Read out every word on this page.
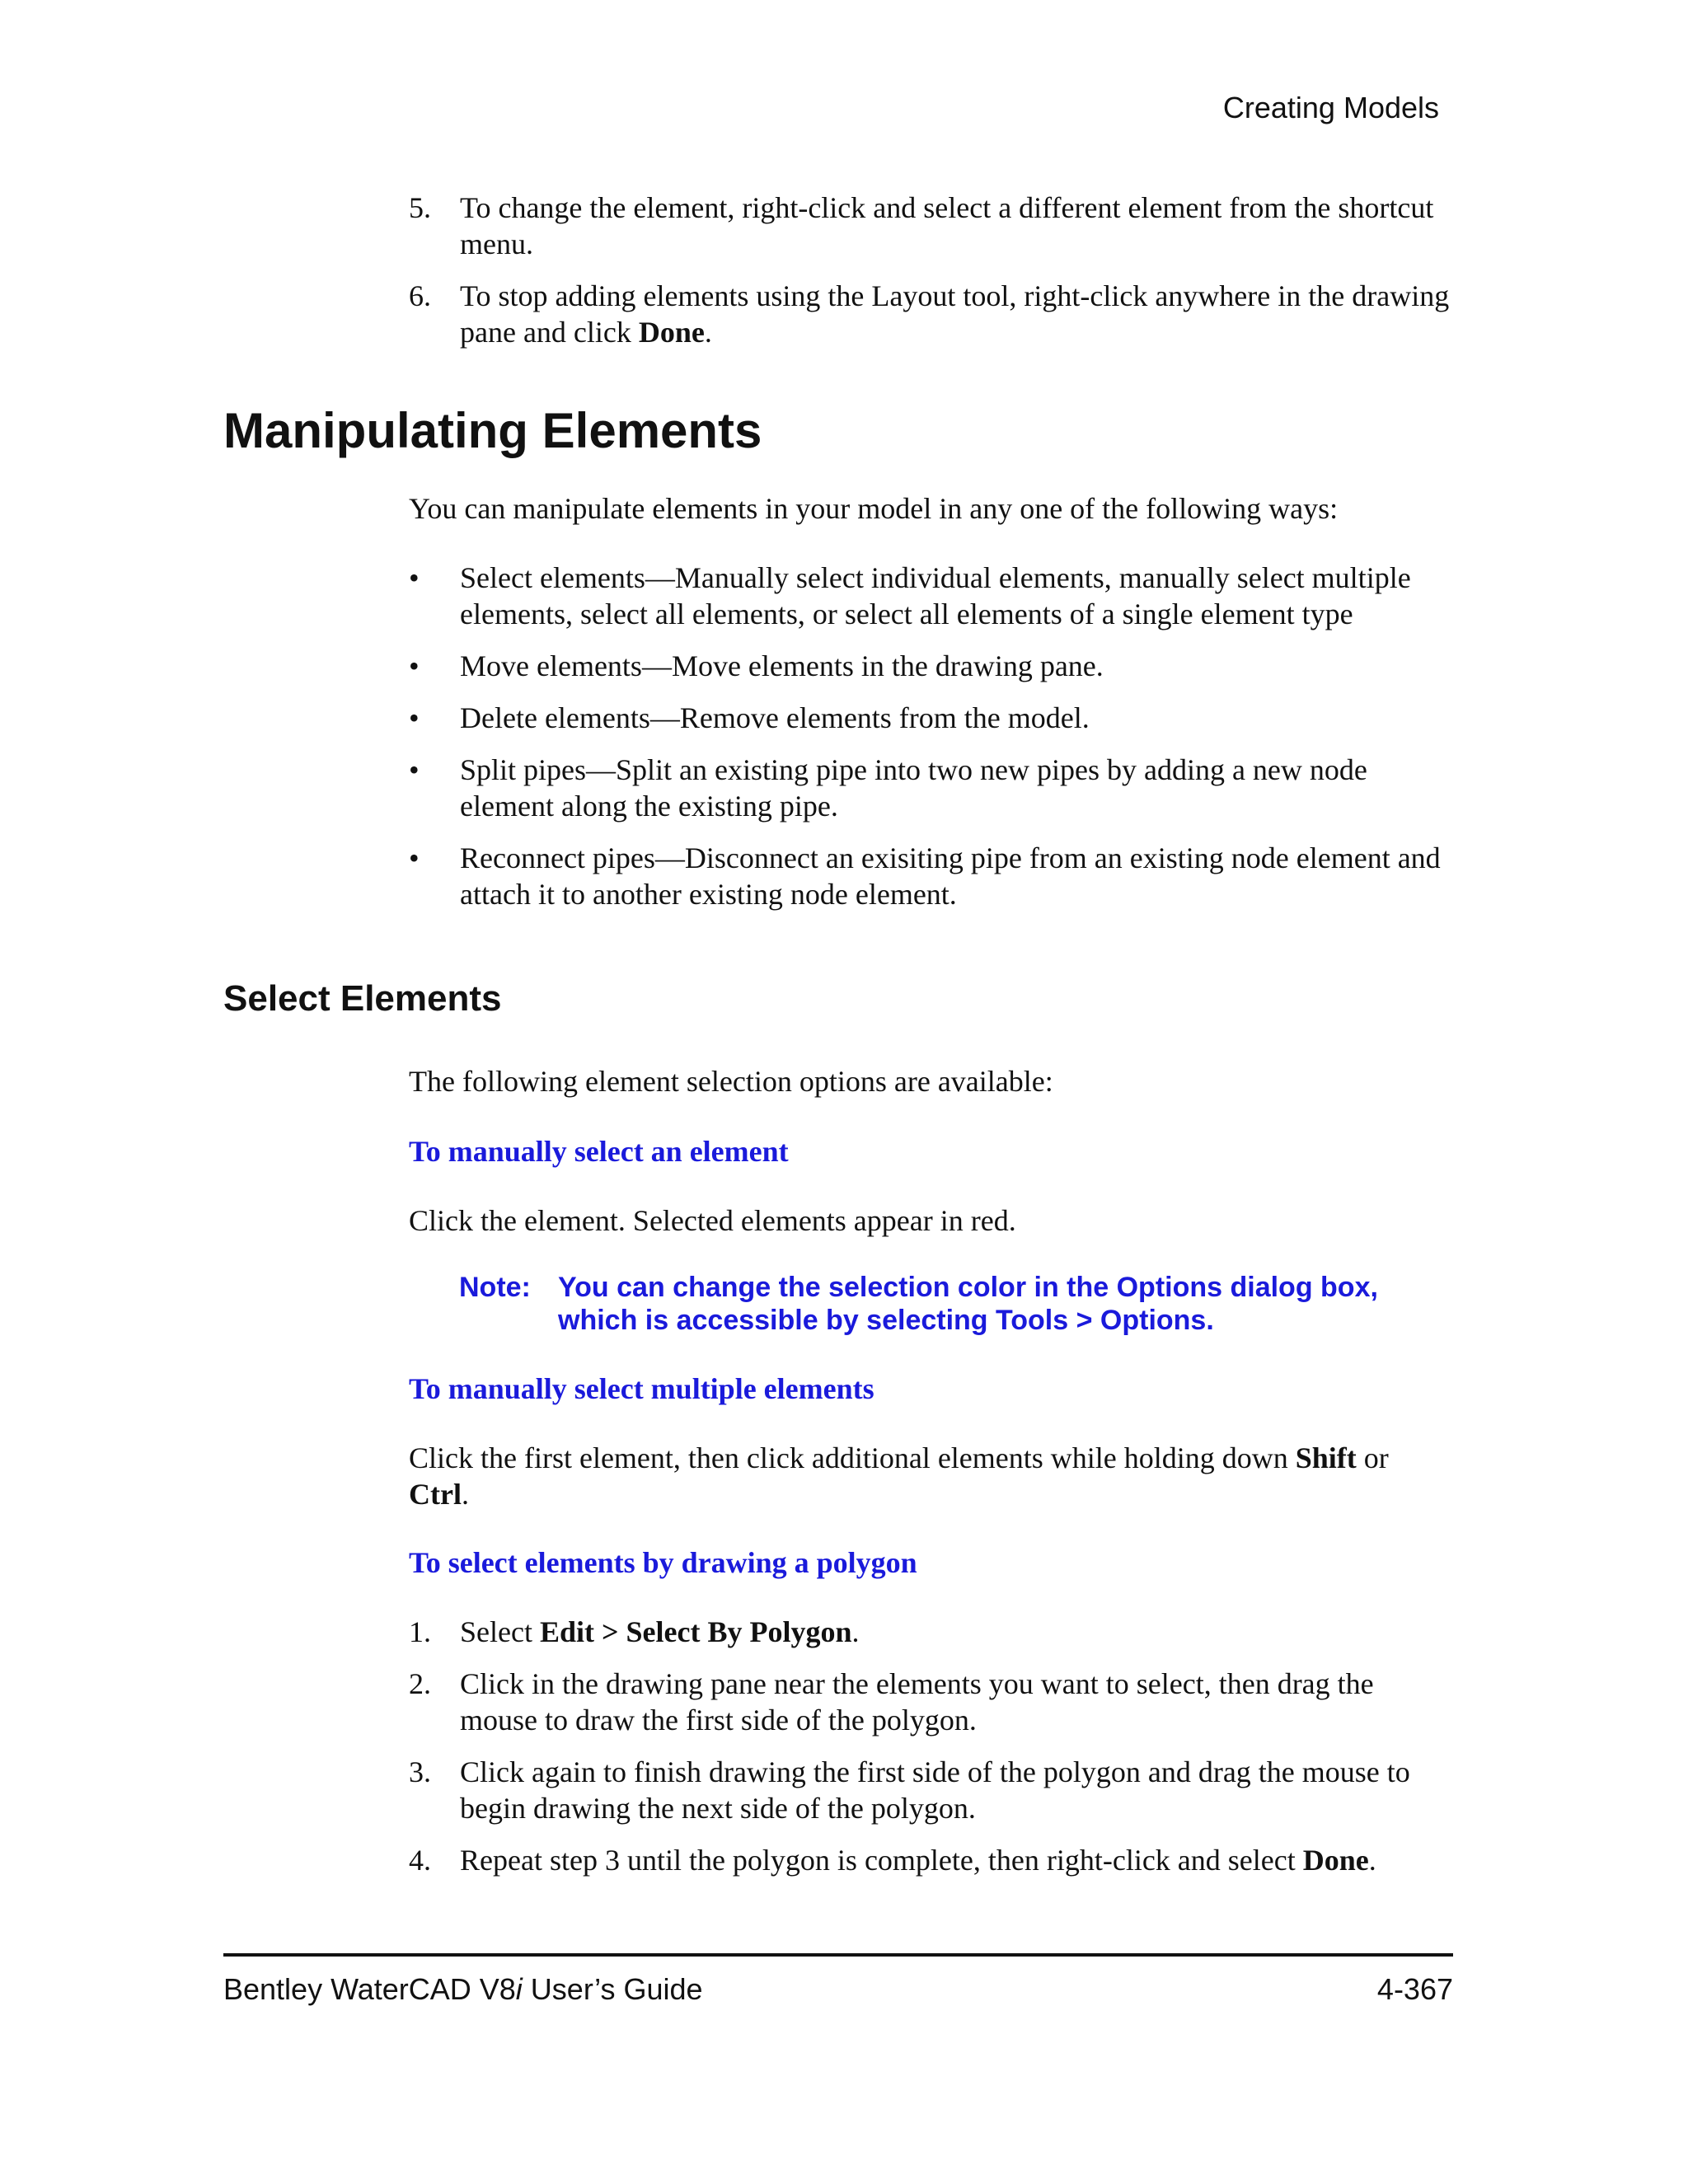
Creating Models
5. To change the element, right-click and select a different element from the shortcut menu.
6. To stop adding elements using the Layout tool, right-click anywhere in the drawing pane and click Done.
Manipulating Elements

You can manipulate elements in your model in any one of the following ways:

• Select elements—Manually select individual elements, manually select multiple elements, select all elements, or select all elements of a single element type
• Move elements—Move elements in the drawing pane.
• Delete elements—Remove elements from the model.
• Split pipes—Split an existing pipe into two new pipes by adding a new node element along the existing pipe.
• Reconnect pipes—Disconnect an exisiting pipe from an existing node element and attach it to another existing node element.
Select Elements

The following element selection options are available:

To manually select an element

Click the element. Selected elements appear in red.

Note: You can change the selection color in the Options dialog box, which is accessible by selecting Tools > Options.

To manually select multiple elements

Click the first element, then click additional elements while holding down Shift or Ctrl.

To select elements by drawing a polygon

1. Select Edit > Select By Polygon.
2. Click in the drawing pane near the elements you want to select, then drag the mouse to draw the first side of the polygon.
3. Click again to finish drawing the first side of the polygon and drag the mouse to begin drawing the next side of the polygon.
4. Repeat step 3 until the polygon is complete, then right-click and select Done.
Bentley WaterCAD V8i User’s Guide	4-367
